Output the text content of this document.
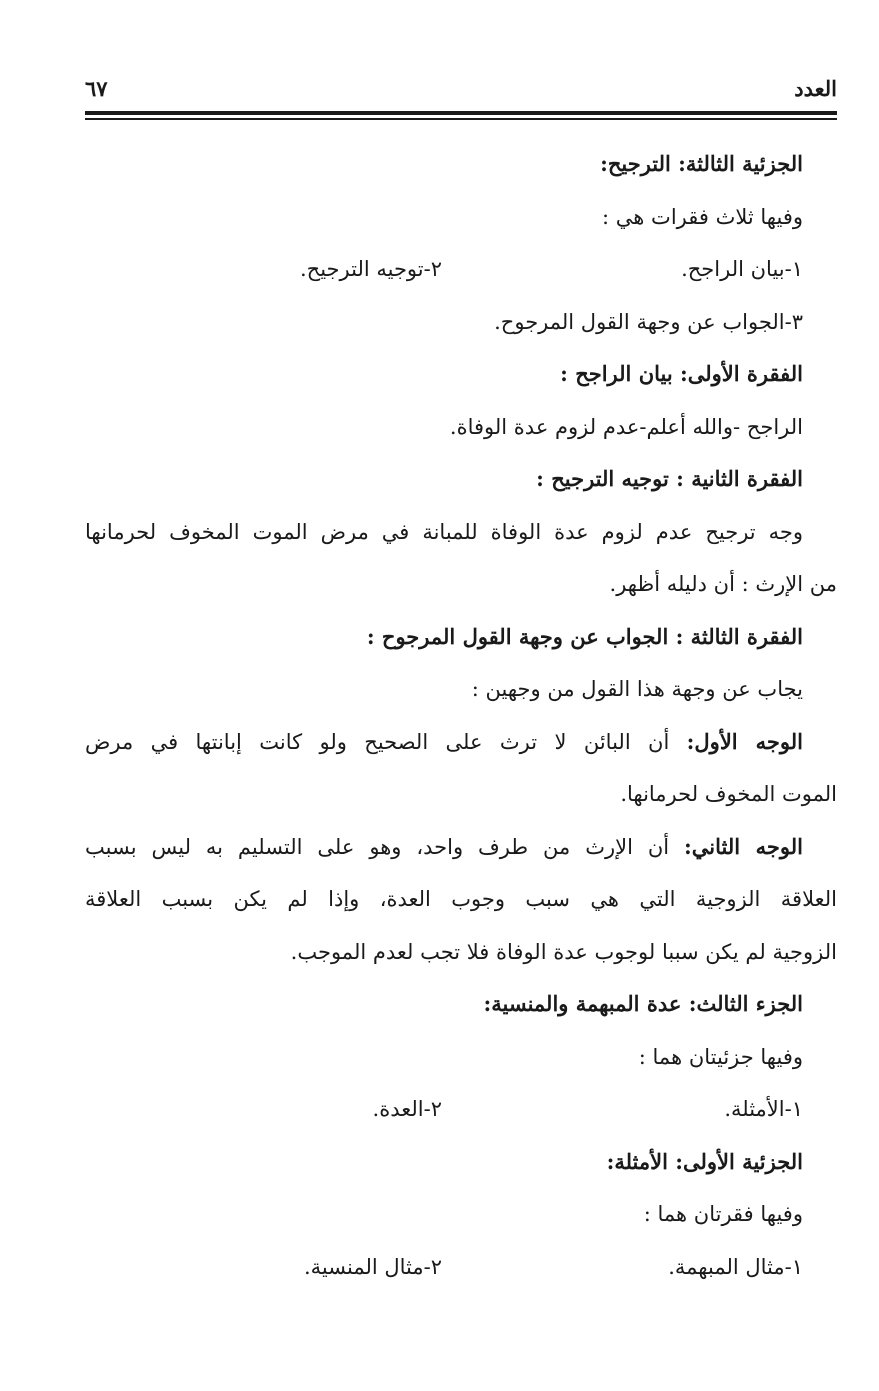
العدد
٦٧
الجزئية الثالثة: الترجيح:
وفيها ثلاث فقرات هي :
١-بيان الراجح.
٢-توجيه الترجيح.
٣-الجواب عن وجهة القول المرجوح.
الفقرة الأولى: بيان الراجح :
الراجح -والله أعلم-عدم لزوم عدة الوفاة.
الفقرة الثانية : توجيه الترجيح :
وجه ترجيح عدم لزوم عدة الوفاة للمبانة في مرض الموت المخوف لحرمانها
من الإرث : أن دليله أظهر.
الفقرة الثالثة : الجواب عن وجهة القول المرجوح :
يجاب عن وجهة هذا القول من وجهين :
الوجه الأول: أن البائن لا ترث على الصحيح ولو كانت إبانتها في مرض
الموت المخوف لحرمانها.
الوجه الثاني: أن الإرث من طرف واحد، وهو على التسليم به ليس بسبب
العلاقة الزوجية التي هي سبب وجوب العدة، وإذا لم يكن بسبب العلاقة
الزوجية لم يكن سببا لوجوب عدة الوفاة فلا تجب لعدم الموجب.
الجزء الثالث: عدة المبهمة والمنسية:
وفيها جزئيتان هما :
١-الأمثلة.
٢-العدة.
الجزئية الأولى: الأمثلة:
وفيها فقرتان هما :
١-مثال المبهمة.
٢-مثال المنسية.
